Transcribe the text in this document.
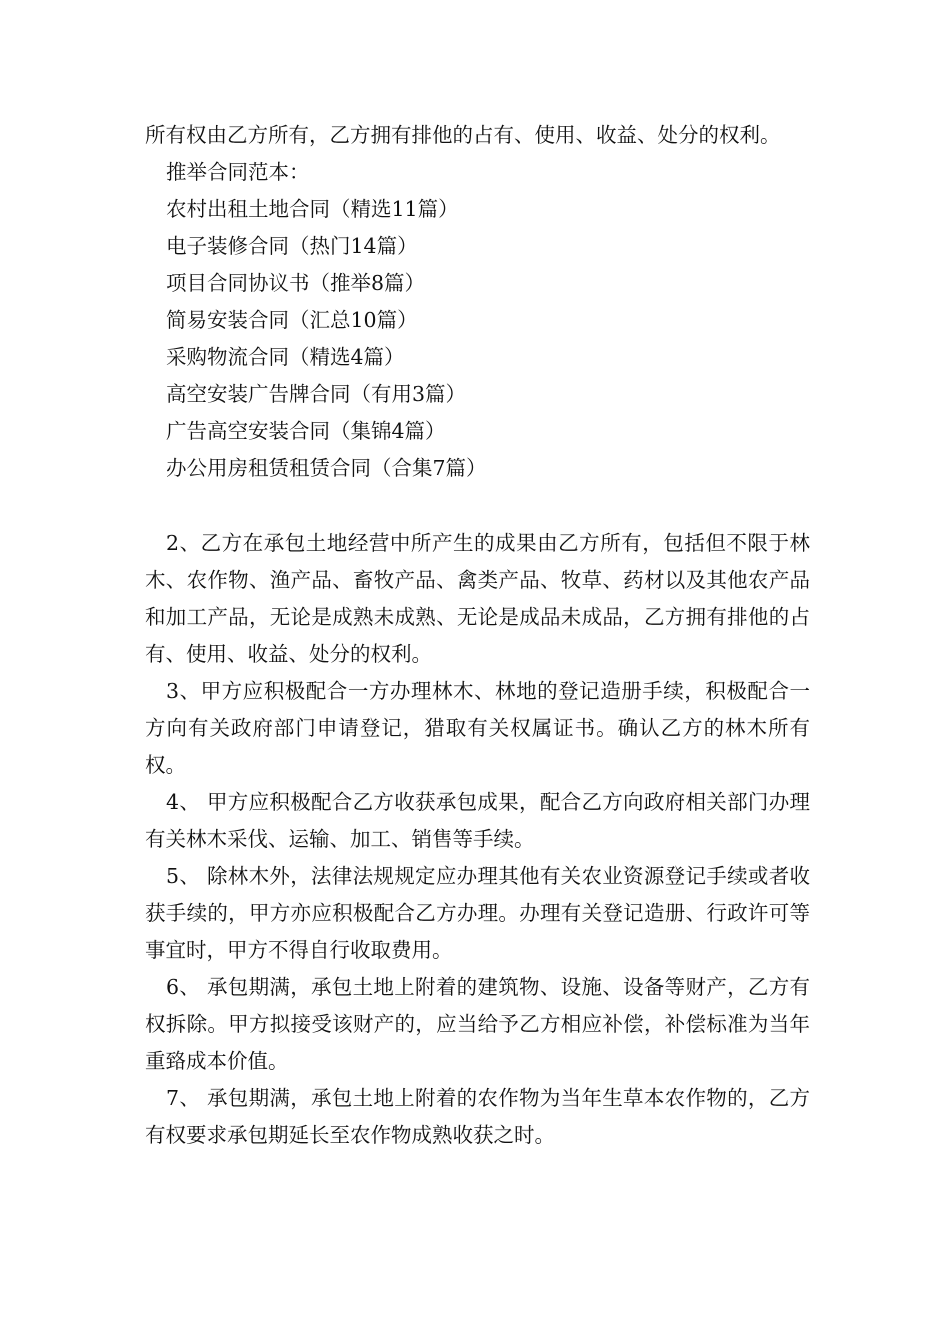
所有权由乙方所有，乙方拥有排他的占有、使用、收益、处分的权利。

推举合同范本：

农村出租土地合同（精选11篇）

电子装修合同（热门14篇）

项目合同协议书（推举8篇）

简易安装合同（汇总10篇）

采购物流合同（精选4篇）

高空安装广告牌合同（有用3篇）

广告高空安装合同（集锦4篇）

办公用房租赁租赁合同（合集7篇）

2、乙方在承包土地经营中所产生的成果由乙方所有，包括但不限于林木、农作物、渔产品、畜牧产品、禽类产品、牧草、药材以及其他农产品和加工产品，无论是成熟未成熟、无论是成品未成品，乙方拥有排他的占有、使用、收益、处分的权利。

3、甲方应积极配合一方办理林木、林地的登记造册手续，积极配合一方向有关政府部门申请登记，猎取有关权属证书。确认乙方的林木所有权。

4、 甲方应积极配合乙方收获承包成果，配合乙方向政府相关部门办理有关林木采伐、运输、加工、销售等手续。

5、 除林木外，法律法规规定应办理其他有关农业资源登记手续或者收获手续的，甲方亦应积极配合乙方办理。办理有关登记造册、行政许可等事宜时，甲方不得自行收取费用。

6、 承包期满，承包土地上附着的建筑物、设施、设备等财产，乙方有权拆除。甲方拟接受该财产的，应当给予乙方相应补偿，补偿标准为当年重臵成本价值。

7、 承包期满，承包土地上附着的农作物为当年生草本农作物的，乙方有权要求承包期延长至农作物成熟收获之时。
